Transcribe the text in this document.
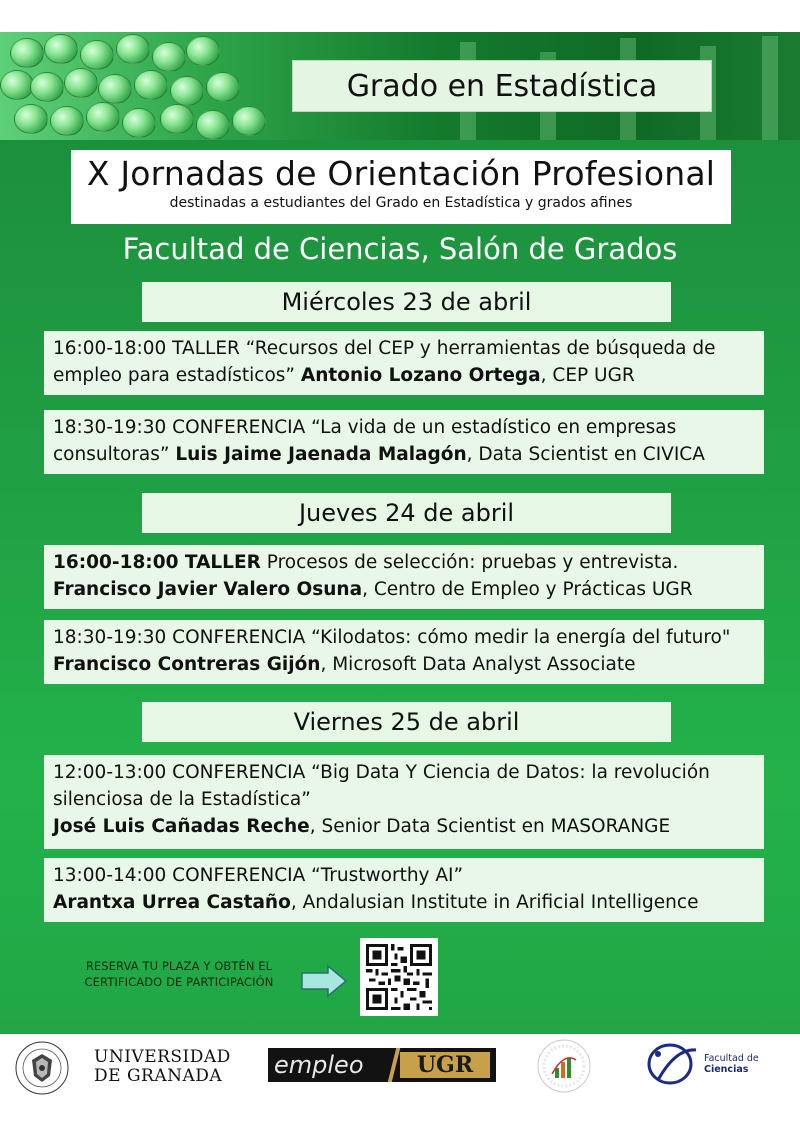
Grado en Estadística
X Jornadas de Orientación Profesional
destinadas a estudiantes del Grado en Estadística y grados afines
Facultad de Ciencias, Salón de Grados
Miércoles 23 de abril
16:00-18:00 TALLER “Recursos del CEP y herramientas de búsqueda de empleo para estadísticos” Antonio Lozano Ortega, CEP UGR
18:30-19:30 CONFERENCIA “La vida de un estadístico en empresas consultoras” Luis Jaime Jaenada Malagón, Data Scientist en CIVICA
Jueves 24 de abril
16:00-18:00 TALLER Procesos de selección: pruebas y entrevista.
Francisco Javier Valero Osuna, Centro de Empleo y Prácticas UGR
18:30-19:30 CONFERENCIA “Kilodatos: cómo medir la energía del futuro" Francisco Contreras Gijón, Microsoft Data Analyst Associate
Viernes 25 de abril
12:00-13:00 CONFERENCIA “Big Data Y Ciencia de Datos: la revolución silenciosa de la Estadística”
José Luis Cañadas Reche, Senior Data Scientist en MASORANGE
13:00-14:00 CONFERENCIA “Trustworthy AI”
Arantxa Urrea Castaño, Andalusian Institute in Arificial Intelligence
RESERVA TU PLAZA Y OBTÉN EL
CERTIFICADO DE PARTICIPACIÓN
UNIVERSIDAD
DE GRANADA	empleo	UGR	Facultad de
Ciencias
